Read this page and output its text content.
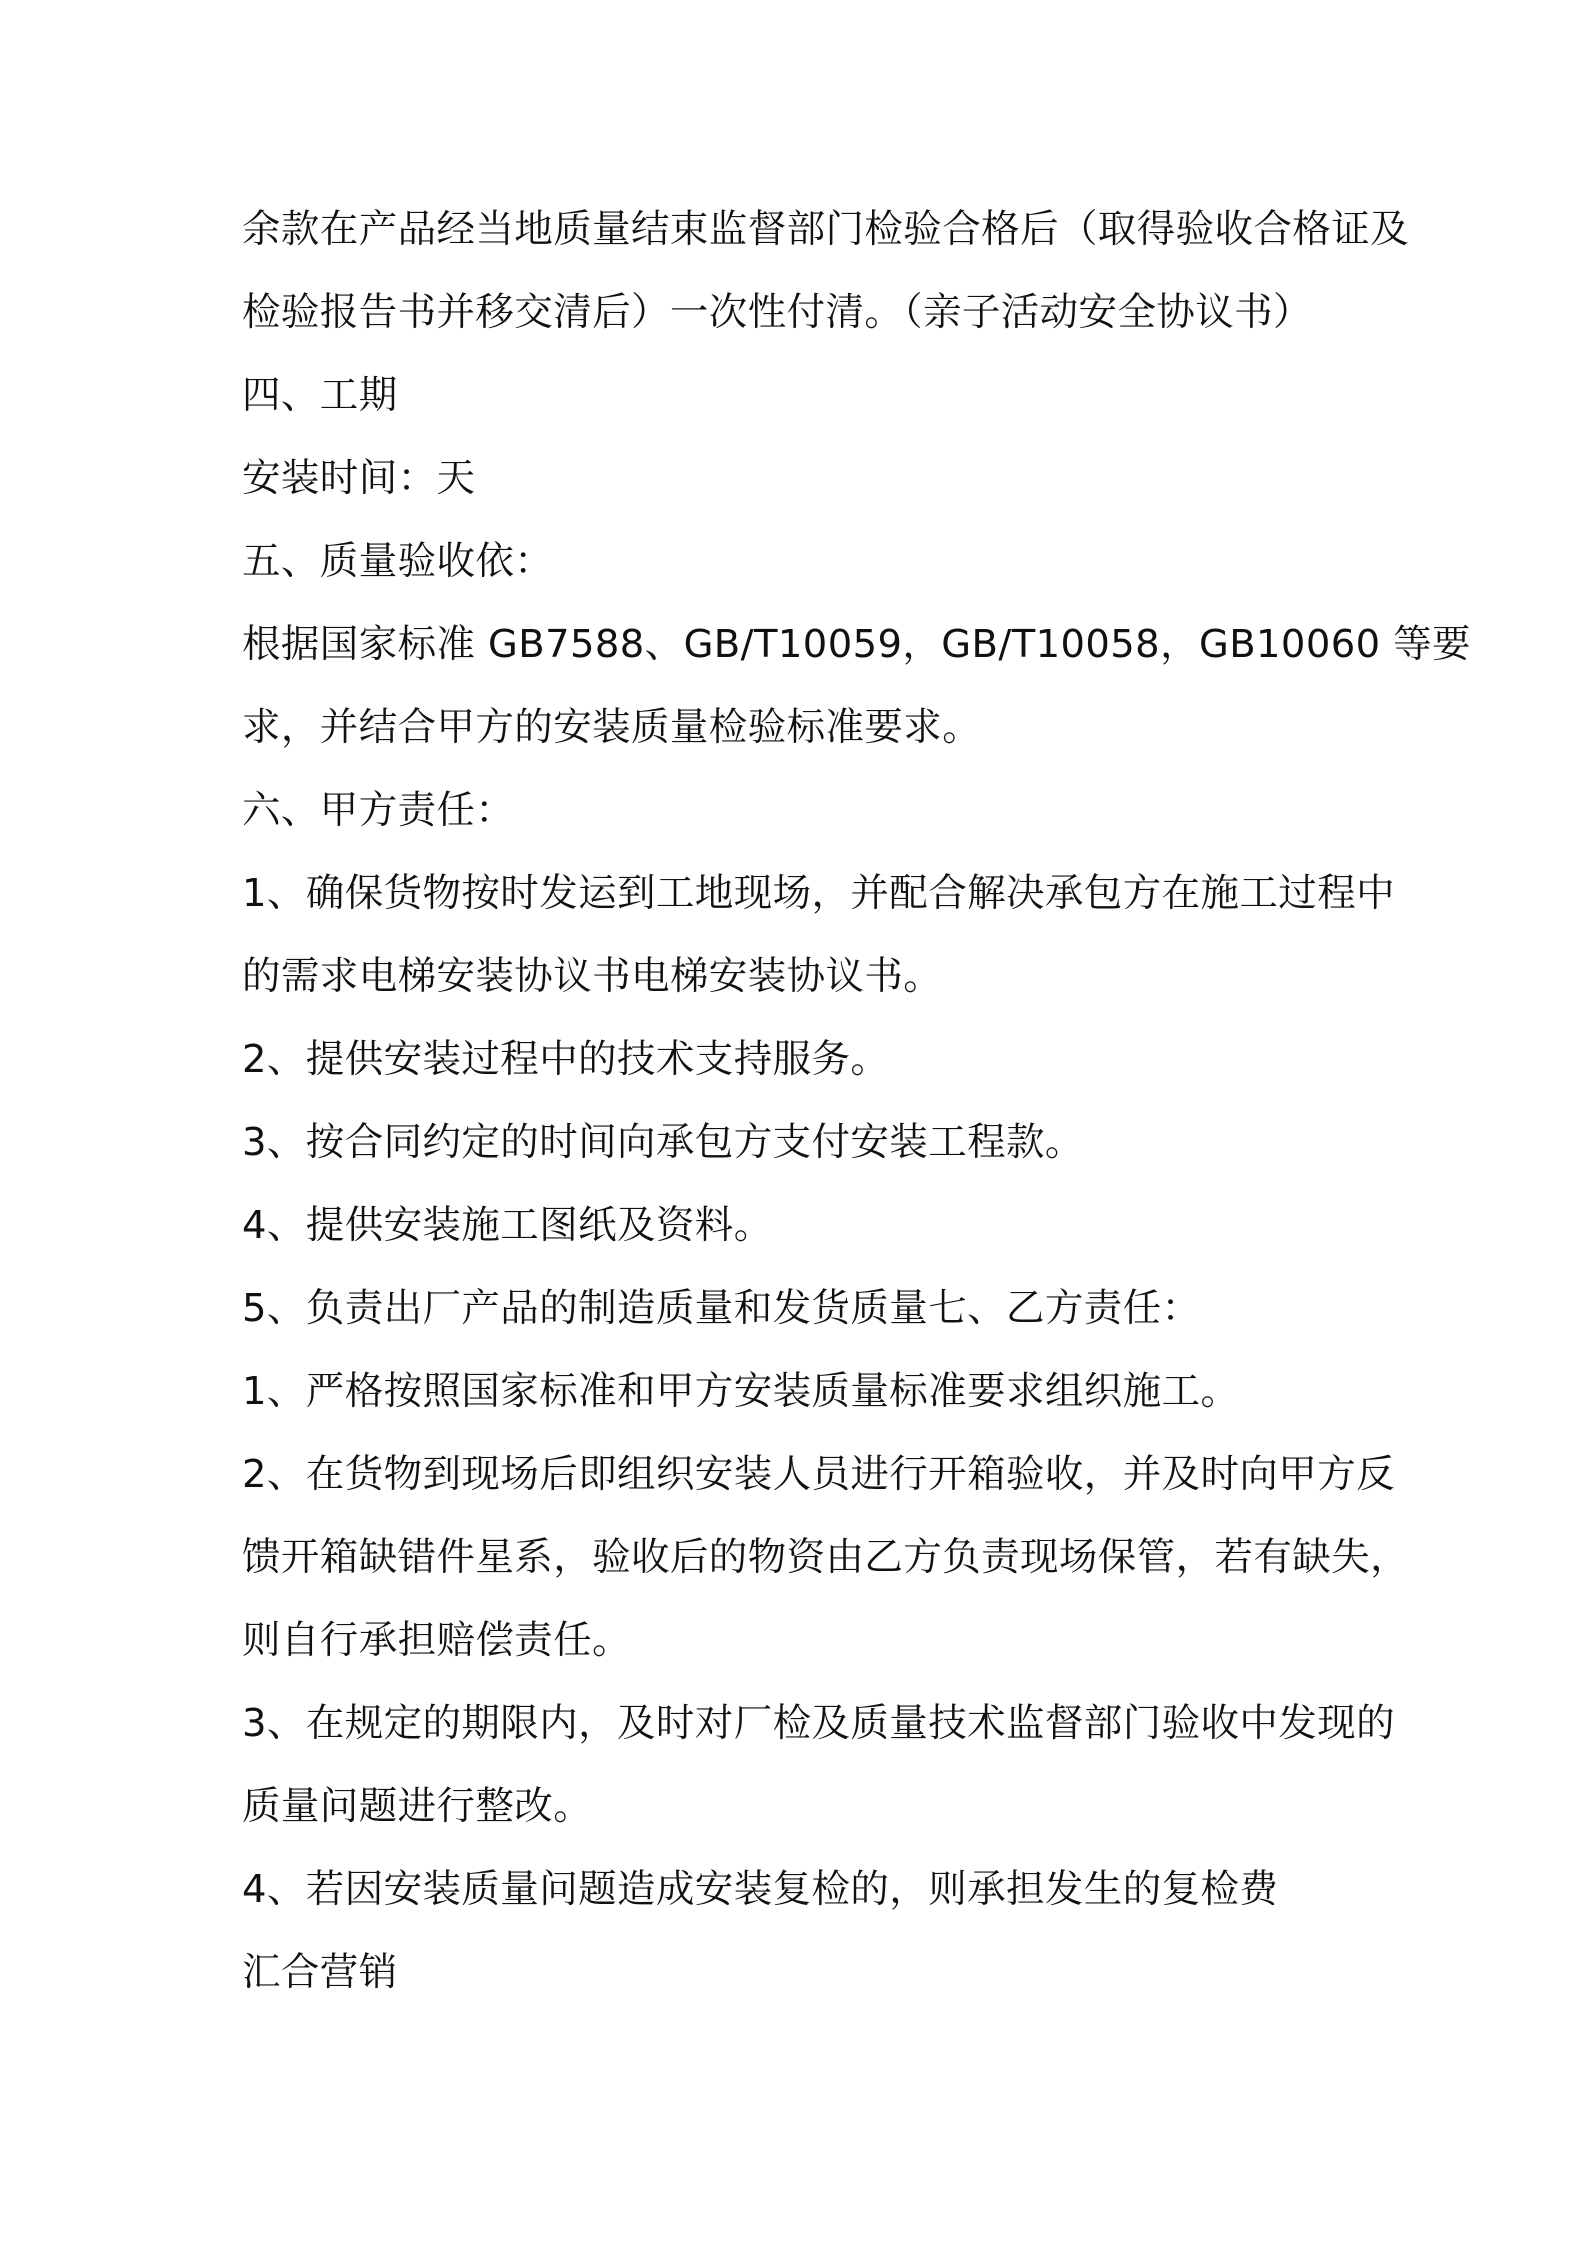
余款在产品经当地质量结束监督部门检验合格后（取得验收合格证及
检验报告书并移交清后）一次性付清。（亲子活动安全协议书）
四、工期
安装时间：天
五、质量验收依：
根据国家标准 GB7588、GB/T10059，GB/T10058，GB10060 等要
求，并结合甲方的安装质量检验标准要求。
六、甲方责任：
1、确保货物按时发运到工地现场，并配合解决承包方在施工过程中
的需求电梯安装协议书电梯安装协议书。
2、提供安装过程中的技术支持服务。
3、按合同约定的时间向承包方支付安装工程款。
4、提供安装施工图纸及资料。
5、负责出厂产品的制造质量和发货质量七、乙方责任：
1、严格按照国家标准和甲方安装质量标准要求组织施工。
2、在货物到现场后即组织安装人员进行开箱验收，并及时向甲方反
馈开箱缺错件星系，验收后的物资由乙方负责现场保管，若有缺失，
则自行承担赔偿责任。
3、在规定的期限内，及时对厂检及质量技术监督部门验收中发现的
质量问题进行整改。
4、若因安装质量问题造成安装复检的，则承担发生的复检费
汇合营销
